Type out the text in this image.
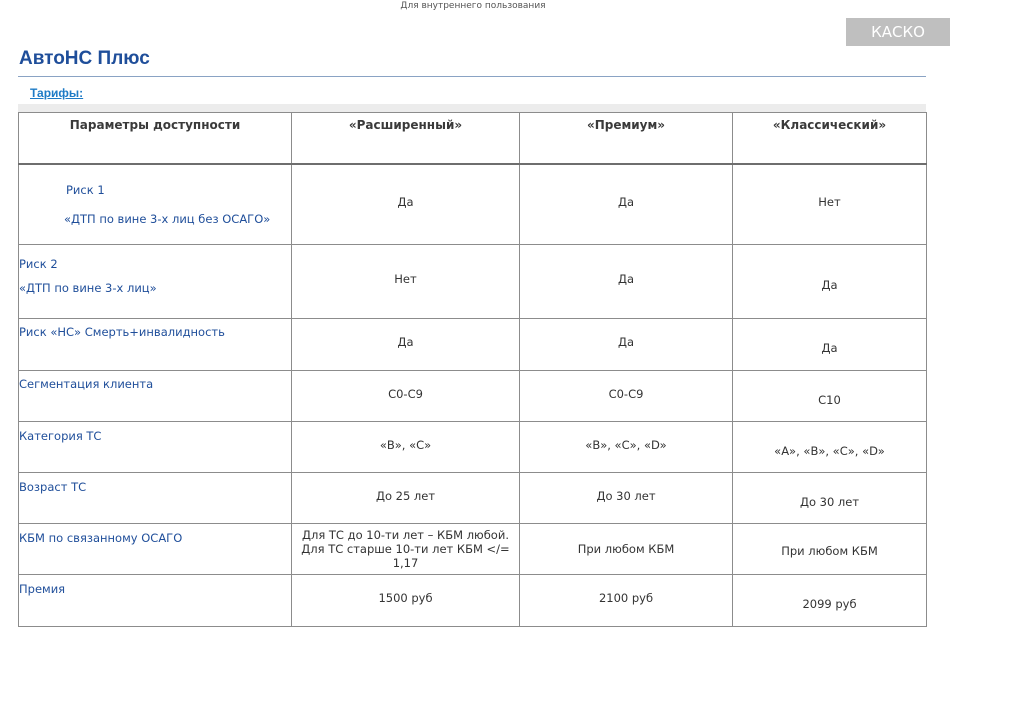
Для внутреннего пользования
КАСКО
АвтоНС Плюс
Тарифы:
Параметры доступности	«Расширенный»	«Премиум»	«Классический»

Риск 1
«ДТП по вине 3-х лиц без ОСАГО»	Да	Да	Нет

Риск 2
«ДТП по вине 3-х лиц»	Нет	Да	Да

Риск «НС» Смерть+инвалидность	Да	Да	Да

Сегментация клиента	С0-С9	С0-С9	С10

Категория ТС	«В», «С»	«В», «С», «D»	«А», «В», «С», «D»

Возраст ТС	До 25 лет	До 30 лет	До 30 лет

КБМ по связанному ОСАГО	Для ТС до 10-ти лет – КБМ любой.
Для ТС старше 10-ти лет КБМ </= 1,17	При любом КБМ	При любом КБМ

Премия	1500 руб	2100 руб	2099 руб
